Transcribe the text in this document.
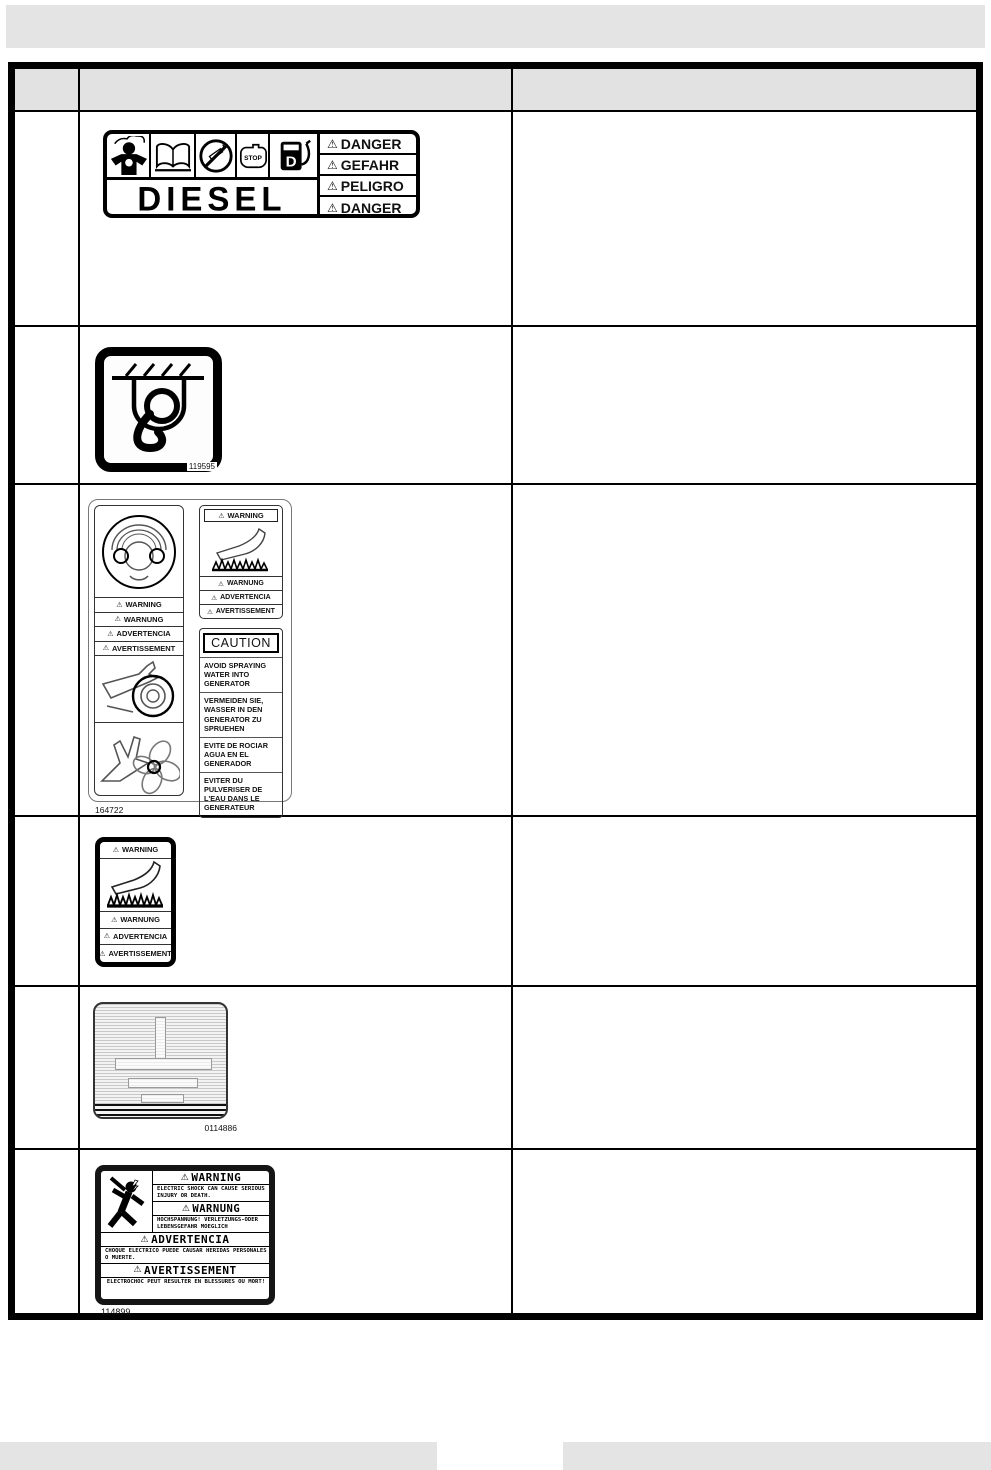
STOP D
DIESEL
⚠ DANGER
⚠ GEFAHR
⚠ PELIGRO
⚠ DANGER
119595
⚠ WARNING
⚠ WARNUNG
⚠ ADVERTENCIA
⚠ AVERTISSEMENT
⚠ WARNING
⚠ WARNUNG
⚠ ADVERTENCIA
⚠ AVERTISSEMENT
CAUTION
AVOID SPRAYING WATER INTO GENERATOR
VERMEIDEN SIE, WASSER IN DEN GENERATOR ZU SPRUEHEN
EVITE DE ROCIAR AGUA EN EL GENERADOR
EVITER DU PULVERISER DE L'EAU DANS LE GENERATEUR
164722
⚠ WARNING
⚠ WARNUNG
⚠ ADVERTENCIA
⚠ AVERTISSEMENT
0114886
⚠ WARNING
ELECTRIC SHOCK CAN CAUSE SERIOUS INJURY OR DEATH.
⚠ WARNUNG
HOCHSPANNUNG! VERLETZUNGS-ODER LEBENSGEFAHR MOEGLICH
⚠ ADVERTENCIA
CHOQUE ELECTRICO PUEDE CAUSAR HERIDAS PERSONALES O MUERTE.
⚠ AVERTISSEMENT
ELECTROCHOC PEUT RESULTER EN BLESSURES OU MORT!
114899
